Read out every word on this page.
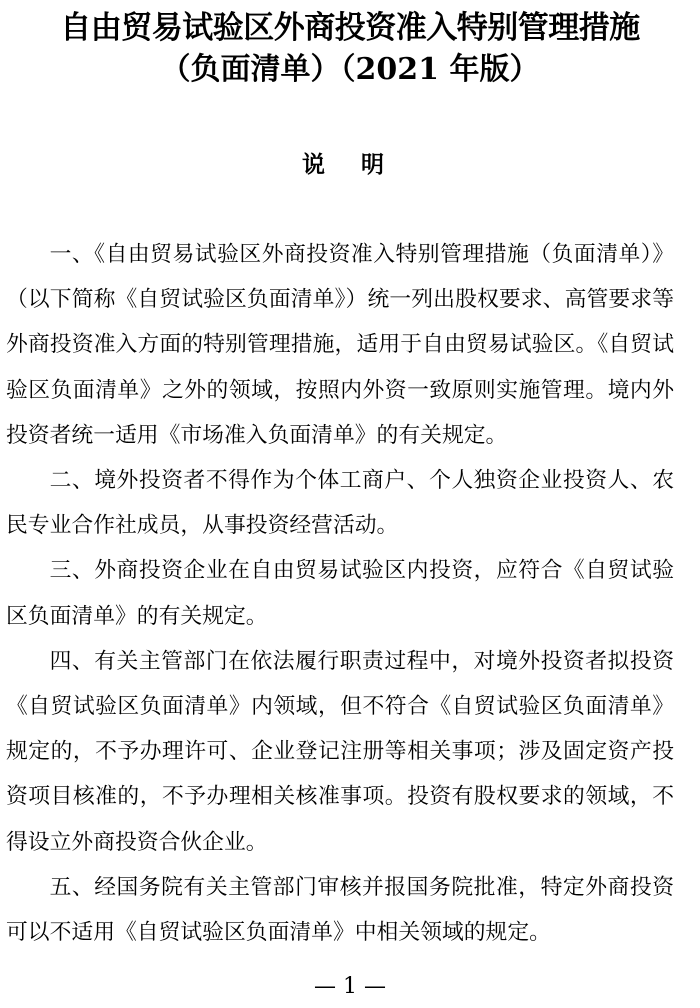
自由贸易试验区外商投资准入特别管理措施
（负面清单）（2021 年版）
说 明

一、《自由贸易试验区外商投资准入特别管理措施（负面清单）》（以下简称《自贸试验区负面清单》）统一列出股权要求、高管要求等外商投资准入方面的特别管理措施，适用于自由贸易试验区。《自贸试验区负面清单》之外的领域，按照内外资一致原则实施管理。境内外投资者统一适用《市场准入负面清单》的有关规定。

二、境外投资者不得作为个体工商户、个人独资企业投资人、农民专业合作社成员，从事投资经营活动。

三、外商投资企业在自由贸易试验区内投资，应符合《自贸试验区负面清单》的有关规定。

四、有关主管部门在依法履行职责过程中，对境外投资者拟投资《自贸试验区负面清单》内领域，但不符合《自贸试验区负面清单》规定的，不予办理许可、企业登记注册等相关事项；涉及固定资产投资项目核准的，不予办理相关核准事项。投资有股权要求的领域，不得设立外商投资合伙企业。

五、经国务院有关主管部门审核并报国务院批准，特定外商投资可以不适用《自贸试验区负面清单》中相关领域的规定。

— 1 —
